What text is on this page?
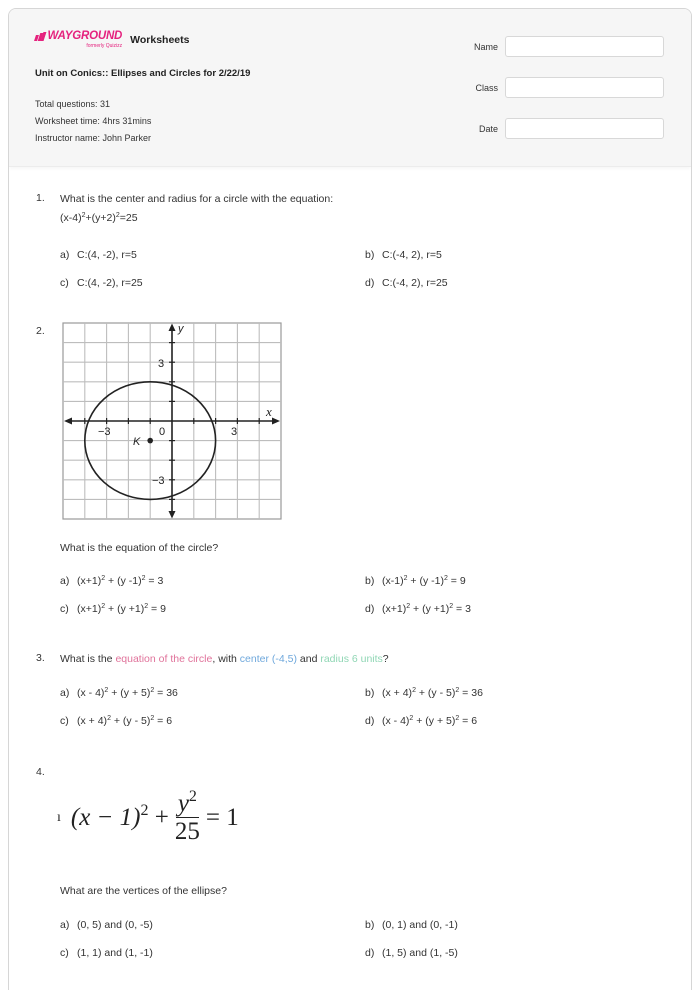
WAYGROUND
formerly Quizizz Worksheets
Unit on Conics:: Ellipses and Circles for 2/22/19
Total questions: 31
Worksheet time: 4hrs 31mins
Instructor name: John Parker
Name
Class
Date
1. What is the center and radius for a circle with the equation:
$(x-4)^2+(y+2)^2=25$
a) C:(4, -2), r=5	b) C:(-4, 2), r=5
c) C:(4, -2), r=25	d) C:(-4, 2), r=25
2.	y
x
−3	3
0
3
−3
K
What is the equation of the circle?
a) $(x+1)^2 + (y$ -1)$^2$ = 3	b) $(x-1)^2 + (y$ -1)$^2$ = 9
c) $(x+1)^2 + (y +1)^2 = 9$	d) $(x+1)^2 + (y +1)^2 = 3$
3. What is the equation of the circle, with center (-4,5) and radius 6 units?
a) $(x - 4)^2 + (y + 5)^2 = 36$	b) $(x + 4)^2 + (y - 5)^2 = 36$
c) $(x + 4)^2 + (y - 5)^2 = 6$	d) $(x - 4)^2 + (y + 5)^2 = 6$
4.
ı $(x - 1)^2 + \frac{y^2}{25} = 1$
What are the vertices of the ellipse?
a) (0, 5) and (0, -5)	b) (0, 1) and (0, -1)
c) (1, 1) and (1, -1)	d) (1, 5) and (1, -5)
